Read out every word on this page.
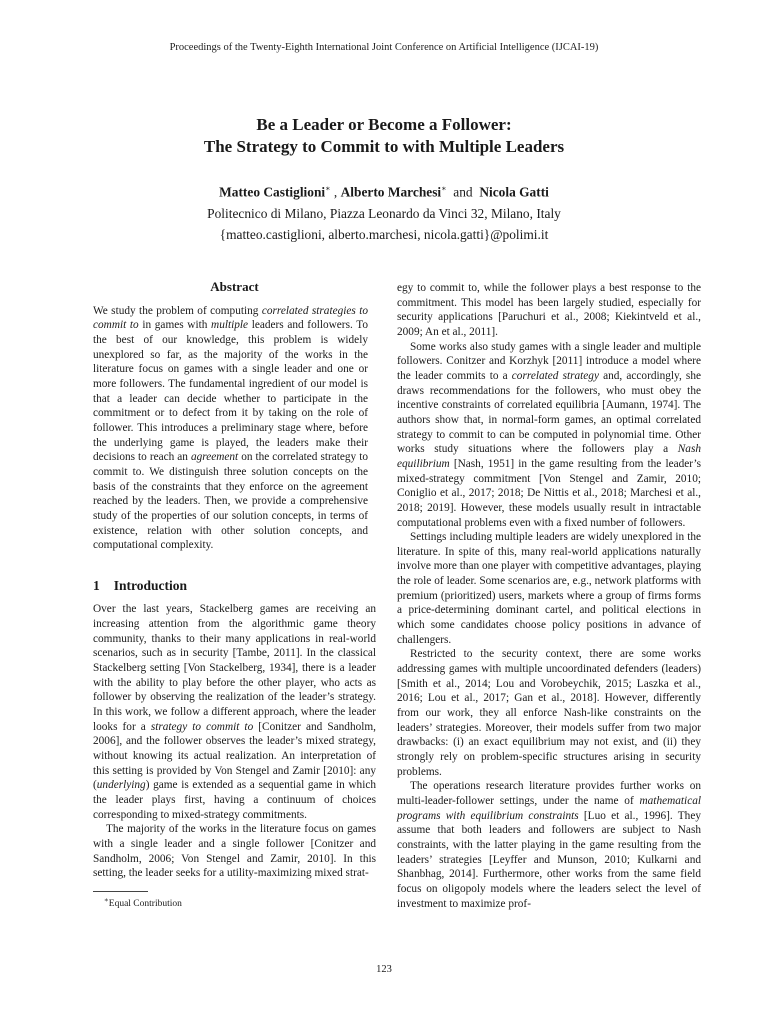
Proceedings of the Twenty-Eighth International Joint Conference on Artificial Intelligence (IJCAI-19)
Be a Leader or Become a Follower:
The Strategy to Commit to with Multiple Leaders
Matteo Castiglioni∗ , Alberto Marchesi∗ and Nicola Gatti
Politecnico di Milano, Piazza Leonardo da Vinci 32, Milano, Italy
{matteo.castiglioni, alberto.marchesi, nicola.gatti}@polimi.it
Abstract

We study the problem of computing correlated strategies to commit to in games with multiple leaders and followers. To the best of our knowledge, this problem is widely unexplored so far, as the majority of the works in the literature focus on games with a single leader and one or more followers. The fundamental ingredient of our model is that a leader can decide whether to participate in the commitment or to defect from it by taking on the role of follower. This introduces a preliminary stage where, before the underlying game is played, the leaders make their decisions to reach an agreement on the correlated strategy to commit to. We distinguish three solution concepts on the basis of the constraints that they enforce on the agreement reached by the leaders. Then, we provide a comprehensive study of the properties of our solution concepts, in terms of existence, relation with other solution concepts, and computational complexity.

1 Introduction

Over the last years, Stackelberg games are receiving an increasing attention from the algorithmic game theory community, thanks to their many applications in real-world scenarios, such as in security [Tambe, 2011]. In the classical Stackelberg setting [Von Stackelberg, 1934], there is a leader with the ability to play before the other player, who acts as follower by observing the realization of the leader’s strategy. In this work, we follow a different approach, where the leader looks for a strategy to commit to [Conitzer and Sandholm, 2006], and the follower observes the leader’s mixed strategy, without knowing its actual realization. An interpretation of this setting is provided by Von Stengel and Zamir [2010]: any (underlying) game is extended as a sequential game in which the leader plays first, having a continuum of choices corresponding to mixed-strategy commitments.

The majority of the works in the literature focus on games with a single leader and a single follower [Conitzer and Sandholm, 2006; Von Stengel and Zamir, 2010]. In this setting, the leader seeks for a utility-maximizing mixed strat-

egy to commit to, while the follower plays a best response to the commitment. This model has been largely studied, especially for security applications [Paruchuri et al., 2008; Kiekintveld et al., 2009; An et al., 2011].

Some works also study games with a single leader and multiple followers. Conitzer and Korzhyk [2011] introduce a model where the leader commits to a correlated strategy and, accordingly, she draws recommendations for the followers, who must obey the incentive constraints of correlated equilibria [Aumann, 1974]. The authors show that, in normal-form games, an optimal correlated strategy to commit to can be computed in polynomial time. Other works study situations where the followers play a Nash equilibrium [Nash, 1951] in the game resulting from the leader’s mixed-strategy commitment [Von Stengel and Zamir, 2010; Coniglio et al., 2017; 2018; De Nittis et al., 2018; Marchesi et al., 2018; 2019]. However, these models usually result in intractable computational problems even with a fixed number of followers.

Settings including multiple leaders are widely unexplored in the literature. In spite of this, many real-world applications naturally involve more than one player with competitive advantages, playing the role of leader. Some scenarios are, e.g., network platforms with premium (prioritized) users, markets where a group of firms forms a price-determining dominant cartel, and political elections in which some candidates choose policy positions in advance of challengers.

Restricted to the security context, there are some works addressing games with multiple uncoordinated defenders (leaders) [Smith et al., 2014; Lou and Vorobeychik, 2015; Laszka et al., 2016; Lou et al., 2017; Gan et al., 2018]. However, differently from our work, they all enforce Nash-like constraints on the leaders’ strategies. Moreover, their models suffer from two major drawbacks: (i) an exact equilibrium may not exist, and (ii) they strongly rely on problem-specific structures arising in security problems.

The operations research literature provides further works on multi-leader-follower settings, under the name of mathematical programs with equilibrium constraints [Luo et al., 1996]. They assume that both leaders and followers are subject to Nash constraints, with the latter playing in the game resulting from the leaders’ strategies [Leyffer and Munson, 2010; Kulkarni and Shanbhag, 2014]. Furthermore, other works from the same field focus on oligopoly models where the leaders select the level of investment to maximize prof-

∗Equal Contribution
123
